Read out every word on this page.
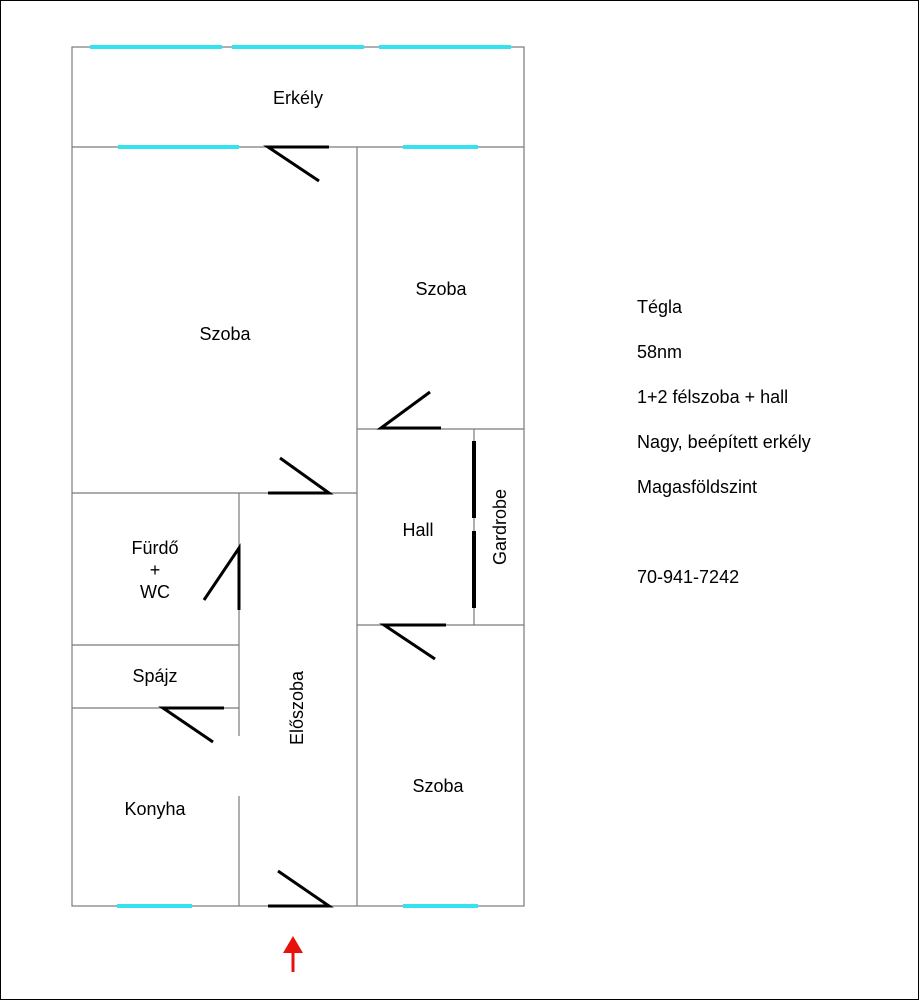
Erkély
Szoba
Szoba
Hall	Gardrobe
Fürdő
+
WC
Spájz	Előszoba
Konyha
Szoba
Tégla
58nm
1+2 félszoba + hall
Nagy, beépített erkély
Magasföldszint
70-941-7242
